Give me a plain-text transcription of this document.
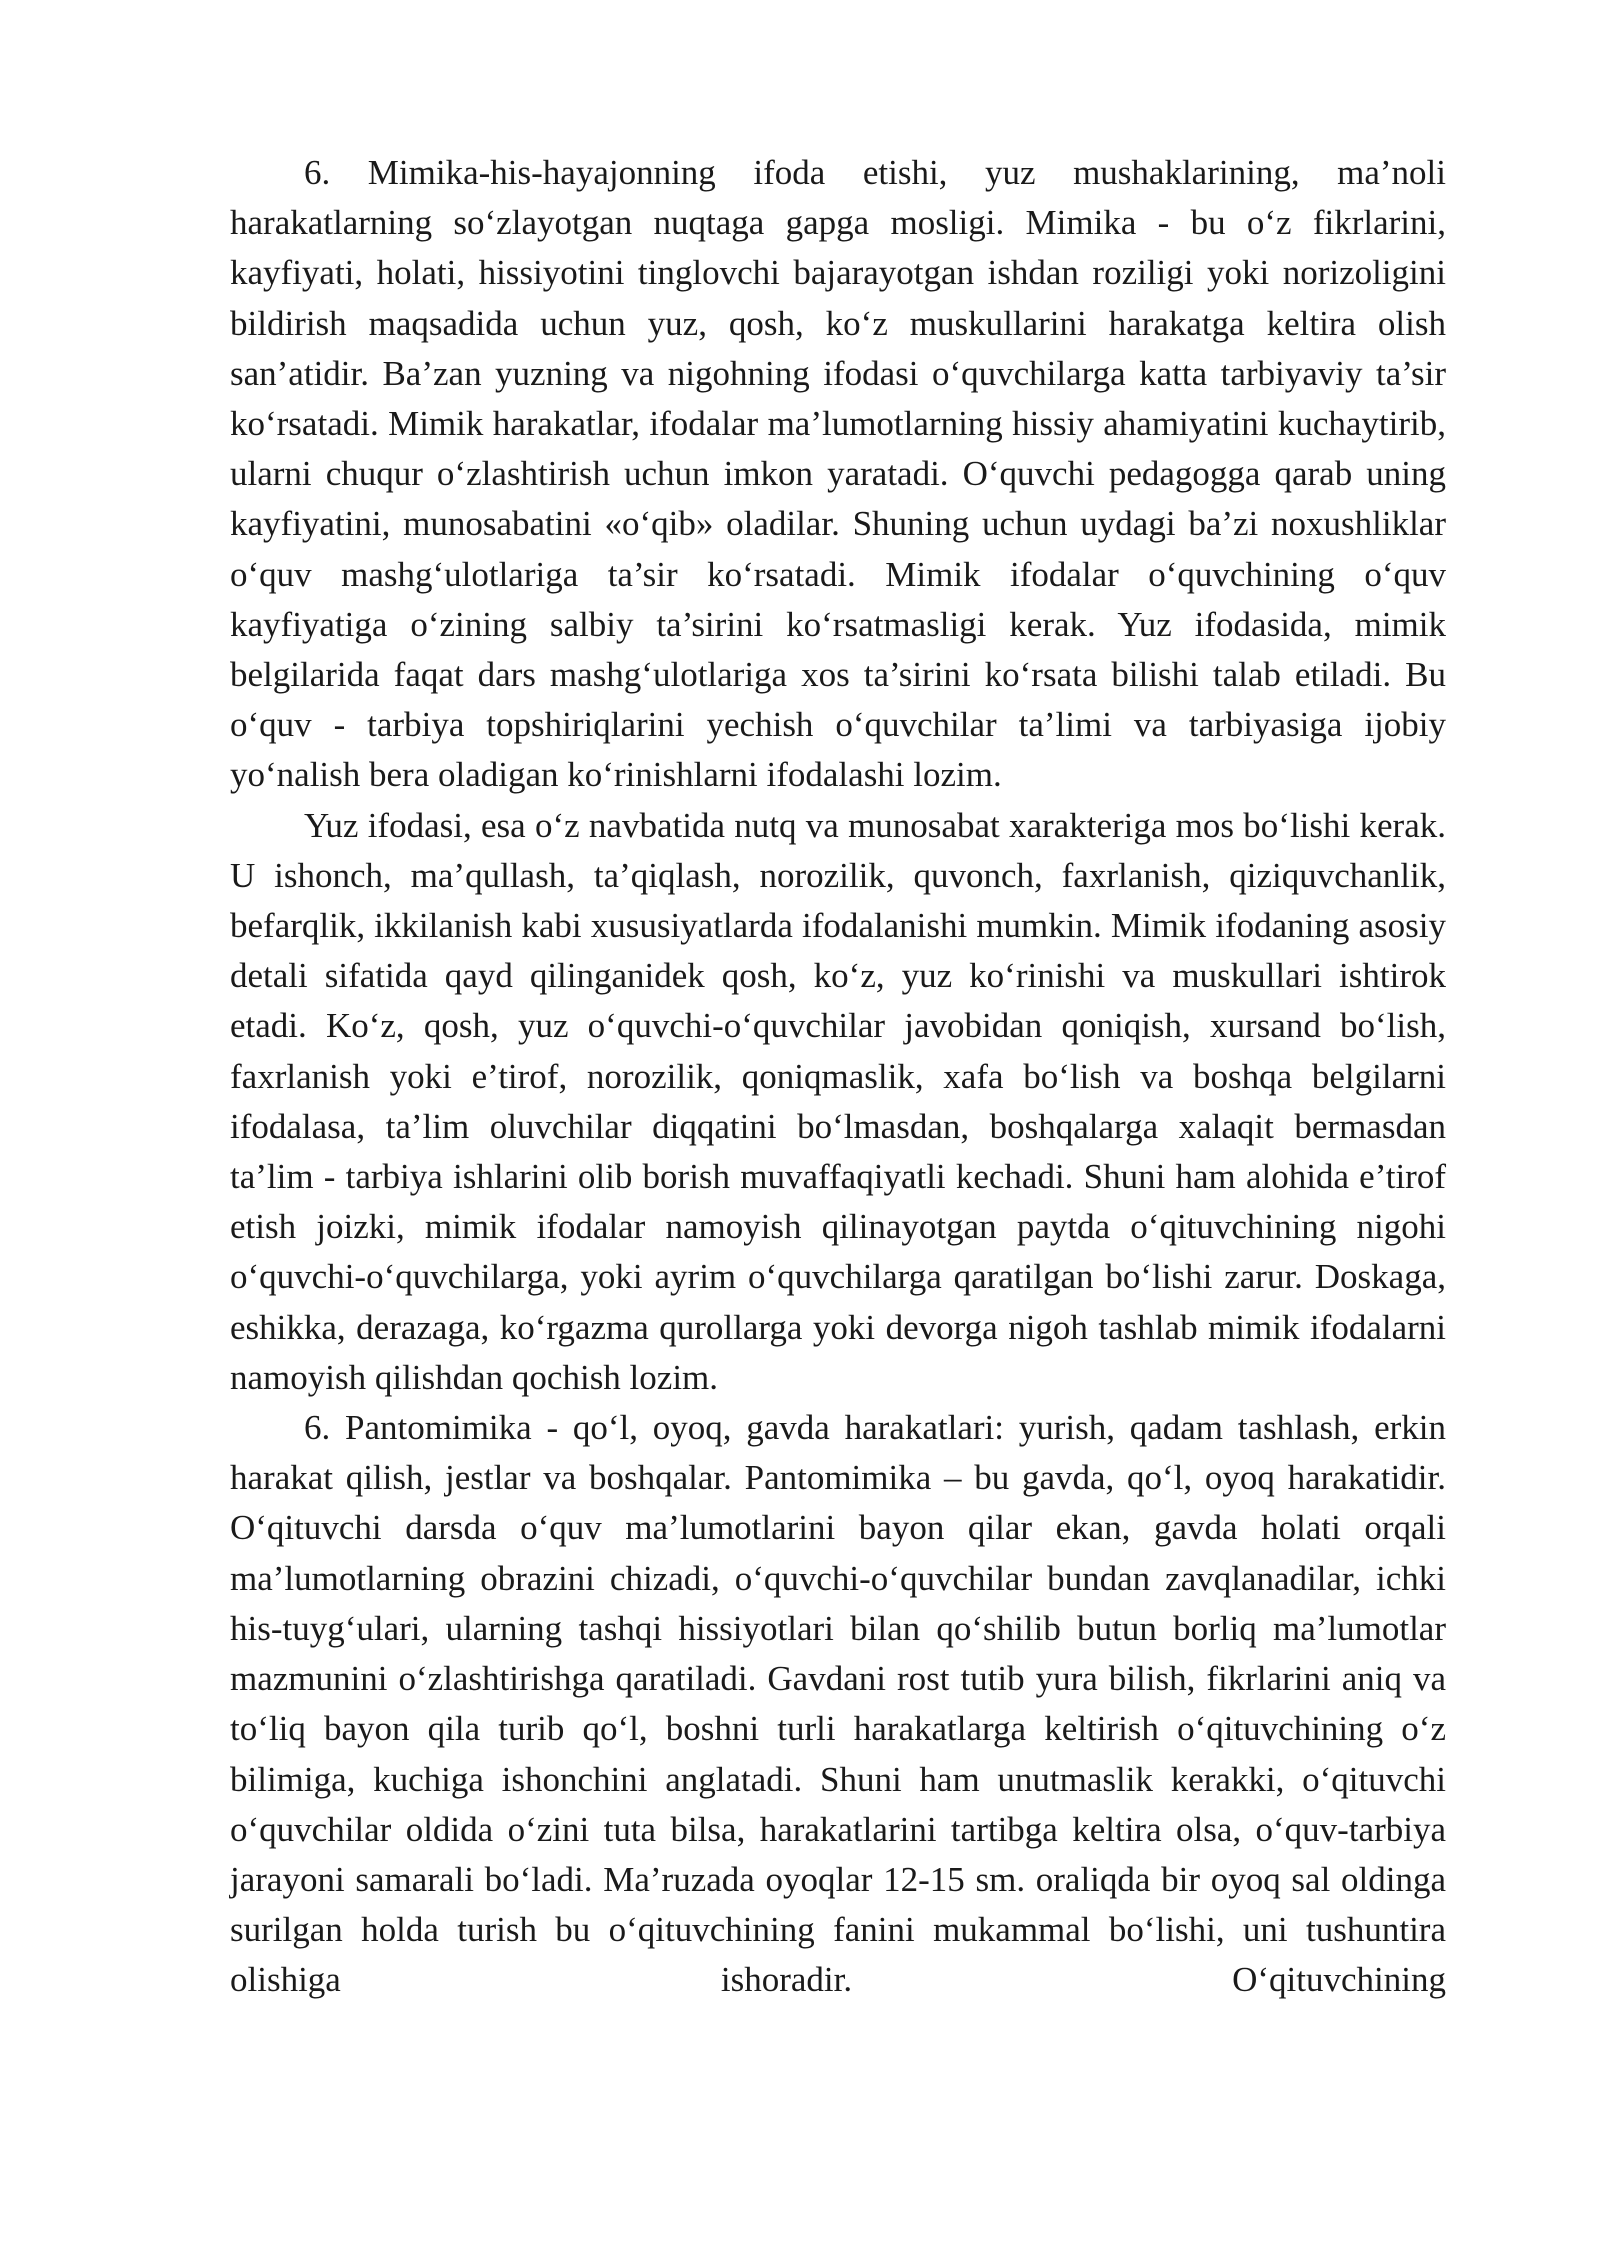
6. Mimika-his-hayajonning ifoda etishi, yuz mushaklarining, ma’noli harakatlarning so‘zlayotgan nuqtaga gapga mosligi. Mimika - bu o‘z fikrlarini, kayfiyati, holati, hissiyotini tinglovchi bajarayotgan ishdan roziligi yoki norizoligini bildirish maqsadida uchun yuz, qosh, ko‘z muskullarini harakatga keltira olish san’atidir. Ba’zan yuzning va nigohning ifodasi o‘quvchilarga katta tarbiyaviy ta’sir ko‘rsatadi. Mimik harakatlar, ifodalar ma’lumotlarning hissiy ahamiyatini kuchaytirib, ularni chuqur o‘zlashtirish uchun imkon yaratadi. O‘quvchi pedagogga qarab uning kayfiyatini, munosabatini «o‘qib» oladilar. Shuning uchun uydagi ba’zi noxushliklar o‘quv mashg‘ulotlariga ta’sir ko‘rsatadi. Mimik ifodalar o‘quvchining o‘quv kayfiyatiga o‘zining salbiy ta’sirini ko‘rsatmasligi kerak. Yuz ifodasida, mimik belgilarida faqat dars mashg‘ulotlariga xos ta’sirini ko‘rsata bilishi talab etiladi. Bu o‘quv - tarbiya topshiriqlarini yechish o‘quvchilar ta’limi va tarbiyasiga ijobiy yo‘nalish bera oladigan ko‘rinishlarni ifodalashi lozim.

Yuz ifodasi, esa o‘z navbatida nutq va munosabat xarakteriga mos bo‘lishi kerak. U ishonch, ma’qullash, ta’qiqlash, norozilik, quvonch, faxrlanish, qiziquvchanlik, befarqlik, ikkilanish kabi xususiyatlarda ifodalanishi mumkin. Mimik ifodaning asosiy detali sifatida qayd qilinganidek qosh, ko‘z, yuz ko‘rinishi va muskullari ishtirok etadi. Ko‘z, qosh, yuz o‘quvchi-o‘quvchilar javobidan qoniqish, xursand bo‘lish, faxrlanish yoki e’tirof, norozilik, qoniqmaslik, xafa bo‘lish va boshqa belgilarni ifodalasa, ta’lim oluvchilar diqqatini bo‘lmasdan, boshqalarga xalaqit bermasdan ta’lim - tarbiya ishlarini olib borish muvaffaqiyatli kechadi. Shuni ham alohida e’tirof etish joizki, mimik ifodalar namoyish qilinayotgan paytda o‘qituvchining nigohi o‘quvchi-o‘quvchilarga, yoki ayrim o‘quvchilarga qaratilgan bo‘lishi zarur. Doskaga, eshikka, derazaga, ko‘rgazma qurollarga yoki devorga nigoh tashlab mimik ifodalarni namoyish qilishdan qochish lozim.

6. Pantomimika - qo‘l, oyoq, gavda harakatlari: yurish, qadam tashlash, erkin harakat qilish, jestlar va boshqalar. Pantomimika – bu gavda, qo‘l, oyoq harakatidir. O‘qituvchi darsda o‘quv ma’lumotlarini bayon qilar ekan, gavda holati orqali ma’lumotlarning obrazini chizadi, o‘quvchi-o‘quvchilar bundan zavqlanadilar, ichki his-tuyg‘ulari, ularning tashqi hissiyotlari bilan qo‘shilib butun borliq ma’lumotlar mazmunini o‘zlashtirishga qaratiladi. Gavdani rost tutib yura bilish, fikrlarini aniq va to‘liq bayon qila turib qo‘l, boshni turli harakatlarga keltirish o‘qituvchining o‘z bilimiga, kuchiga ishonchini anglatadi. Shuni ham unutmaslik kerakki, o‘qituvchi o‘quvchilar oldida o‘zini tuta bilsa, harakatlarini tartibga keltira olsa, o‘quv-tarbiya jarayoni samarali bo‘ladi. Ma’ruzada oyoqlar 12-15 sm. oraliqda bir oyoq sal oldinga surilgan holda turish bu o‘qituvchining fanini mukammal bo‘lishi, uni tushuntira olishiga ishoradir. O‘qituvchining
